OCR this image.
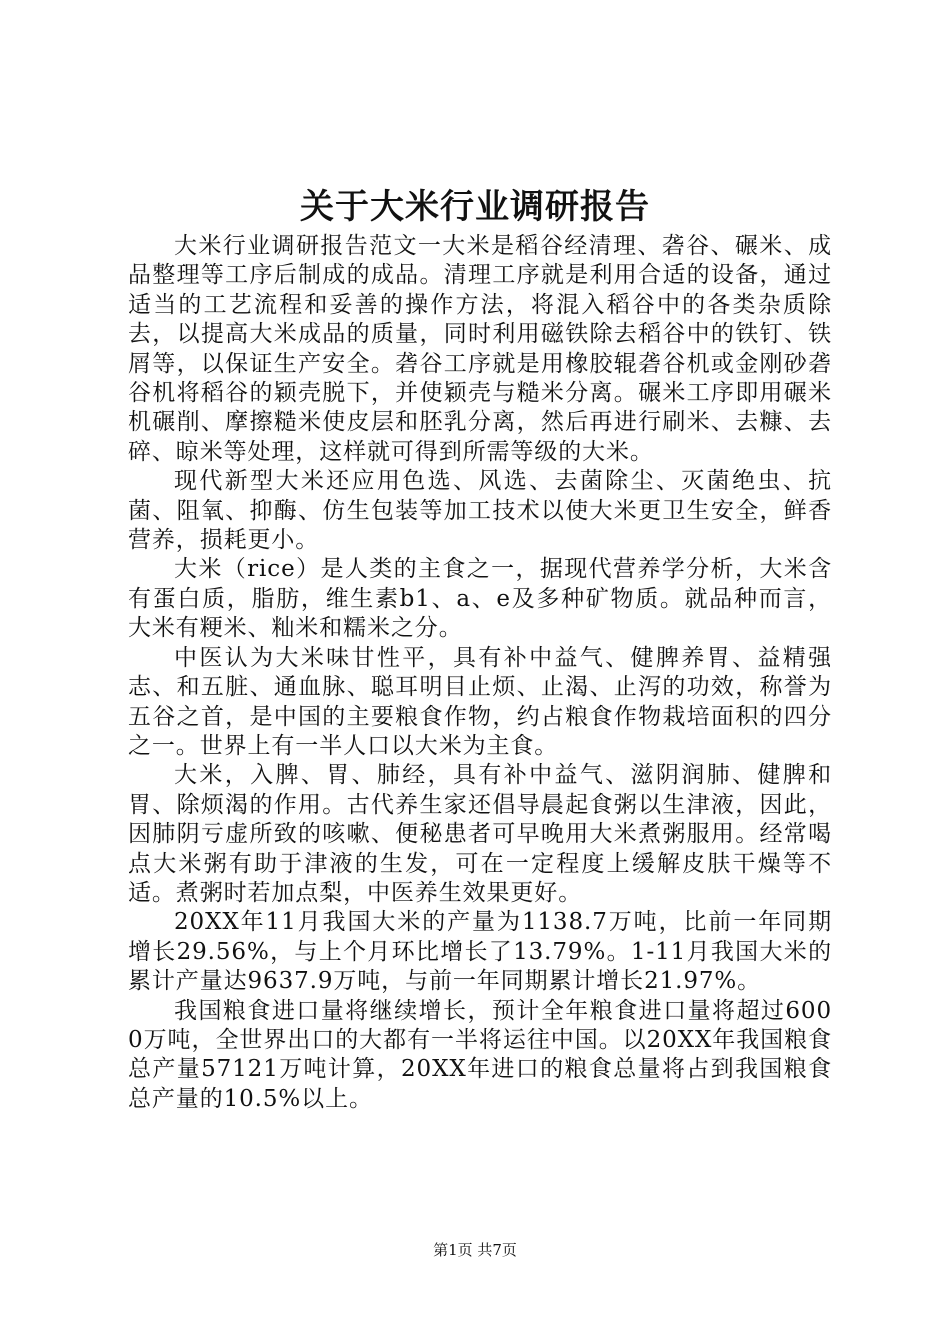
关于大米行业调研报告

大米行业调研报告范文一大米是稻谷经清理、砻谷、碾米、成品整理等工序后制成的成品。清理工序就是利用合适的设备，通过适当的工艺流程和妥善的操作方法，将混入稻谷中的各类杂质除去，以提高大米成品的质量，同时利用磁铁除去稻谷中的铁钉、铁屑等，以保证生产安全。砻谷工序就是用橡胶辊砻谷机或金刚砂砻谷机将稻谷的颖壳脱下，并使颖壳与糙米分离。碾米工序即用碾米机碾削、摩擦糙米使皮层和胚乳分离，然后再进行刷米、去糠、去碎、晾米等处理，这样就可得到所需等级的大米。

现代新型大米还应用色选、风选、去菌除尘、灭菌绝虫、抗菌、阻氧、抑酶、仿生包装等加工技术以使大米更卫生安全，鲜香营养，损耗更小。

大米（rice）是人类的主食之一，据现代营养学分析，大米含有蛋白质，脂肪，维生素b1、a、e及多种矿物质。就品种而言，大米有粳米、籼米和糯米之分。

中医认为大米味甘性平，具有补中益气、健脾养胃、益精强志、和五脏、通血脉、聪耳明目止烦、止渴、止泻的功效，称誉为五谷之首，是中国的主要粮食作物，约占粮食作物栽培面积的四分之一。世界上有一半人口以大米为主食。

大米，入脾、胃、肺经，具有补中益气、滋阴润肺、健脾和胃、除烦渴的作用。古代养生家还倡导晨起食粥以生津液，因此，因肺阴亏虚所致的咳嗽、便秘患者可早晚用大米煮粥服用。经常喝点大米粥有助于津液的生发，可在一定程度上缓解皮肤干燥等不适。煮粥时若加点梨，中医养生效果更好。

20XX年11月我国大米的产量为1138.7万吨，比前一年同期增长29.56%，与上个月环比增长了13.79%。1-11月我国大米的累计产量达9637.9万吨，与前一年同期累计增长21.97%。

我国粮食进口量将继续增长，预计全年粮食进口量将超过6000万吨，全世界出口的大都有一半将运往中国。以20XX年我国粮食总产量57121万吨计算，20XX年进口的粮食总量将占到我国粮食总产量的10.5%以上。

第1页 共7页
